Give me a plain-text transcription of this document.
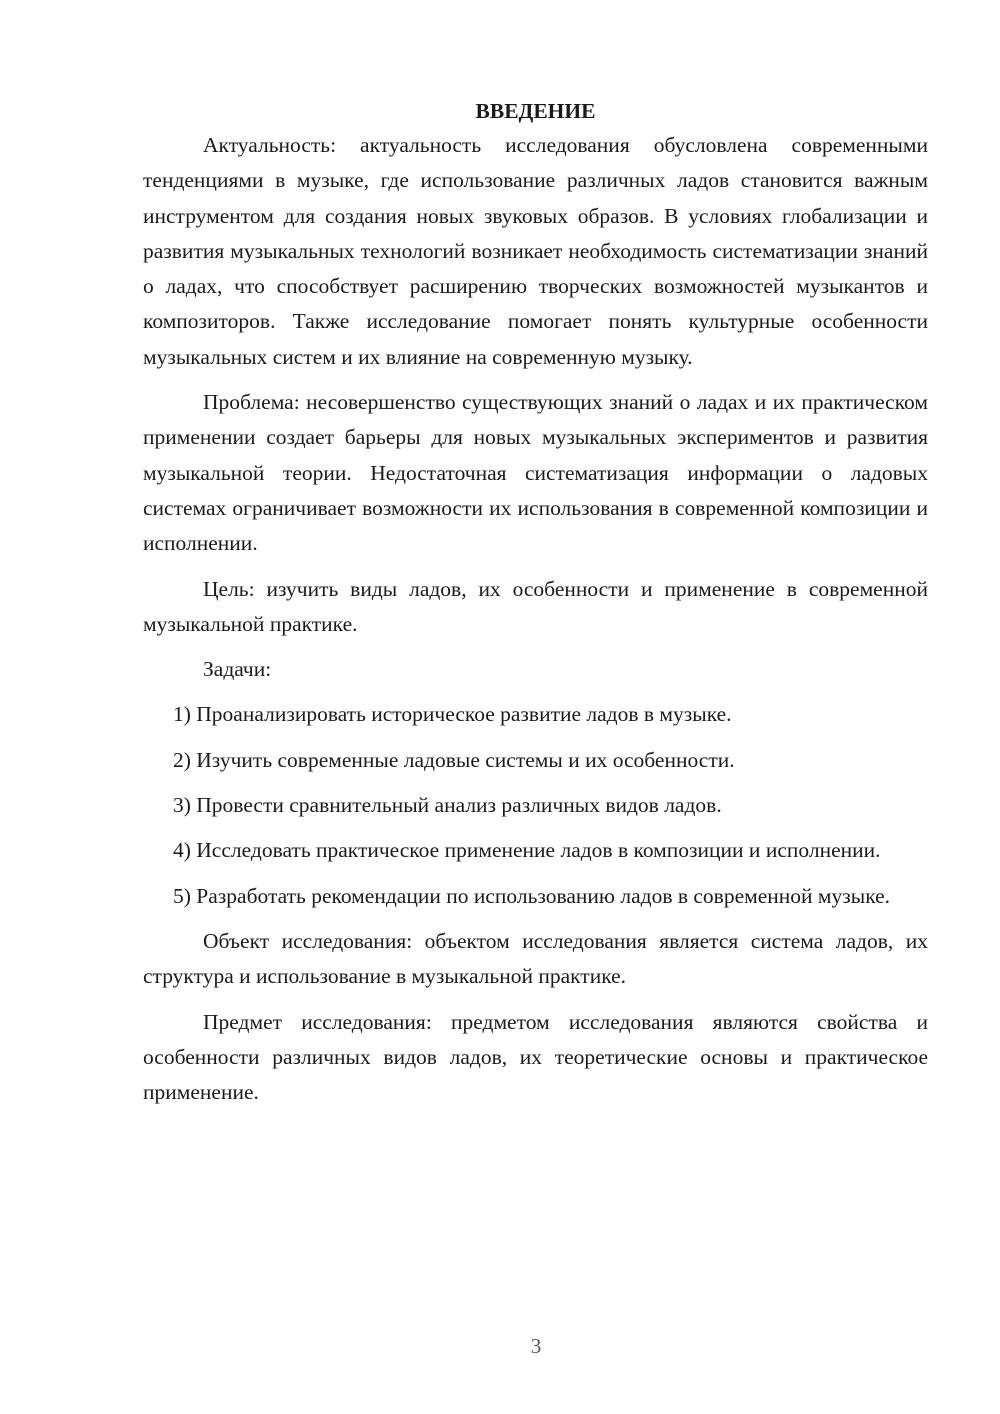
ВВЕДЕНИЕ

Актуальность: актуальность исследования обусловлена современными тенденциями в музыке, где использование различных ладов становится важным инструментом для создания новых звуковых образов. В условиях глобализации и развития музыкальных технологий возникает необходимость систематизации знаний о ладах, что способствует расширению творческих возможностей музыкантов и композиторов. Также исследование помогает понять культурные особенности музыкальных систем и их влияние на современную музыку.

Проблема: несовершенство существующих знаний о ладах и их практическом применении создает барьеры для новых музыкальных экспериментов и развития музыкальной теории. Недостаточная систематизация информации о ладовых системах ограничивает возможности их использования в современной композиции и исполнении.

Цель: изучить виды ладов, их особенности и применение в современной музыкальной практике.

Задачи:

1) Проанализировать историческое развитие ладов в музыке.

2) Изучить современные ладовые системы и их особенности.

3) Провести сравнительный анализ различных видов ладов.

4) Исследовать практическое применение ладов в композиции и исполнении.

5) Разработать рекомендации по использованию ладов в современной музыке.

Объект исследования: объектом исследования является система ладов, их структура и использование в музыкальной практике.

Предмет исследования: предметом исследования являются свойства и особенности различных видов ладов, их теоретические основы и практическое применение.

3
